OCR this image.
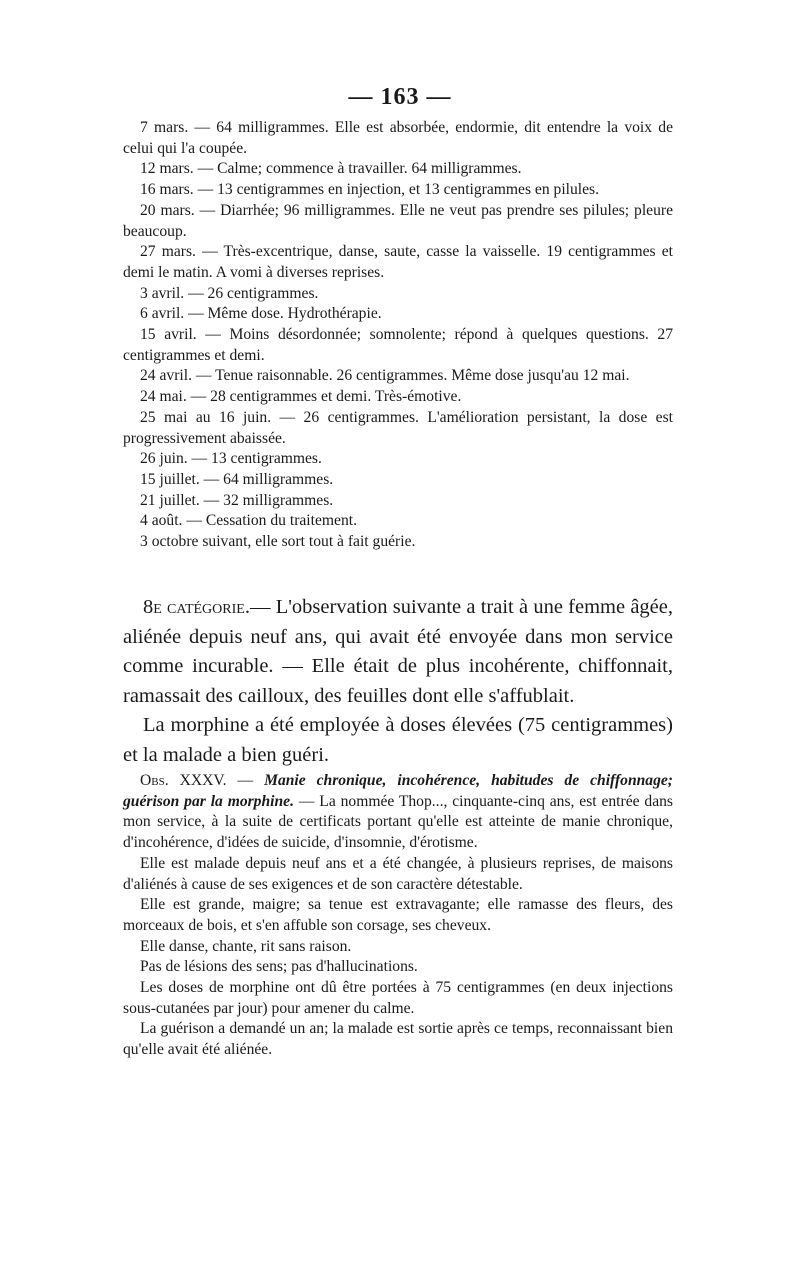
— 163 —

7 mars. — 64 milligrammes. Elle est absorbée, endormie, dit entendre la voix de celui qui l'a coupée.

12 mars. — Calme; commence à travailler. 64 milligrammes.

16 mars. — 13 centigrammes en injection, et 13 centigrammes en pilules.

20 mars. — Diarrhée; 96 milligrammes. Elle ne veut pas prendre ses pilules; pleure beaucoup.

27 mars. — Très-excentrique, danse, saute, casse la vaisselle. 19 centigrammes et demi le matin. A vomi à diverses reprises.

3 avril. — 26 centigrammes.

6 avril. — Même dose. Hydrothérapie.

15 avril. — Moins désordonnée; somnolente; répond à quelques questions. 27 centigrammes et demi.

24 avril. — Tenue raisonnable. 26 centigrammes. Même dose jusqu'au 12 mai.

24 mai. — 28 centigrammes et demi. Très-émotive.

25 mai au 16 juin. — 26 centigrammes. L'amélioration persistant, la dose est progressivement abaissée.

26 juin. — 13 centigrammes.

15 juillet. — 64 milligrammes.

21 juillet. — 32 milligrammes.

4 août. — Cessation du traitement.

3 octobre suivant, elle sort tout à fait guérie.

8e catégorie.— L'observation suivante a trait à une femme âgée, aliénée depuis neuf ans, qui avait été envoyée dans mon service comme incurable. — Elle était de plus incohérente, chiffonnait, ramassait des cailloux, des feuilles dont elle s'affublait.

La morphine a été employée à doses élevées (75 centigrammes) et la malade a bien guéri.

Obs. XXXV. — Manie chronique, incohérence, habitudes de chiffonnage; guérison par la morphine. — La nommée Thop..., cinquante-cinq ans, est entrée dans mon service, à la suite de certificats portant qu'elle est atteinte de manie chronique, d'incohérence, d'idées de suicide, d'insomnie, d'érotisme.

Elle est malade depuis neuf ans et a été changée, à plusieurs reprises, de maisons d'aliénés à cause de ses exigences et de son caractère détestable.

Elle est grande, maigre; sa tenue est extravagante; elle ramasse des fleurs, des morceaux de bois, et s'en affuble son corsage, ses cheveux.

Elle danse, chante, rit sans raison.

Pas de lésions des sens; pas d'hallucinations.

Les doses de morphine ont dû être portées à 75 centigrammes (en deux injections sous-cutanées par jour) pour amener du calme.

La guérison a demandé un an; la malade est sortie après ce temps, reconnaissant bien qu'elle avait été aliénée.
